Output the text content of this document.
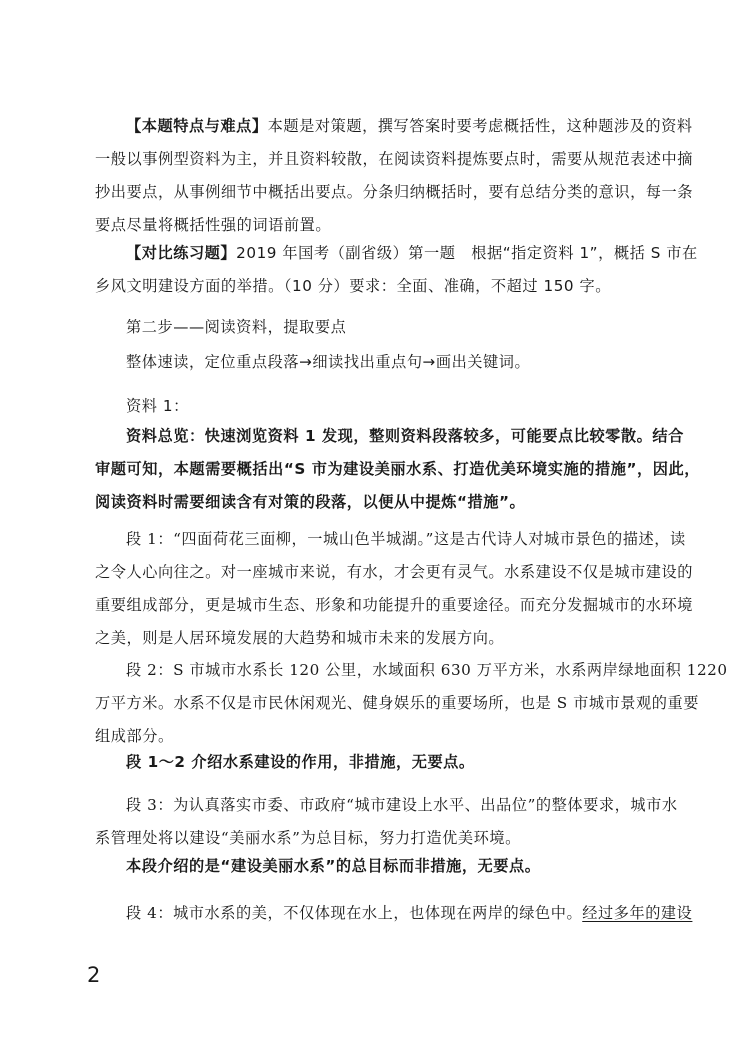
【本题特点与难点】本题是对策题，撰写答案时要考虑概括性，这种题涉及的资料
一般以事例型资料为主，并且资料较散，在阅读资料提炼要点时，需要从规范表述中摘
抄出要点，从事例细节中概括出要点。分条归纳概括时，要有总结分类的意识，每一条
要点尽量将概括性强的词语前置。
【对比练习题】2019 年国考（副省级）第一题　根据“指定资料 1”，概括 S 市在
乡风文明建设方面的举措。（10 分）要求：全面、准确，不超过 150 字。
第二步——阅读资料，提取要点
整体速读，定位重点段落→细读找出重点句→画出关键词。
资料 1：
资料总览：快速浏览资料 1 发现，整则资料段落较多，可能要点比较零散。结合
审题可知，本题需要概括出“S 市为建设美丽水系、打造优美环境实施的措施”，因此，
阅读资料时需要细读含有对策的段落，以便从中提炼“措施”。
段 1：“四面荷花三面柳，一城山色半城湖。”这是古代诗人对城市景色的描述，读
之令人心向往之。对一座城市来说，有水，才会更有灵气。水系建设不仅是城市建设的
重要组成部分，更是城市生态、形象和功能提升的重要途径。而充分发掘城市的水环境
之美，则是人居环境发展的大趋势和城市未来的发展方向。
段 2：S 市城市水系长 120 公里，水域面积 630 万平方米，水系两岸绿地面积 1220
万平方米。水系不仅是市民休闲观光、健身娱乐的重要场所，也是 S 市城市景观的重要
组成部分。
段 1～2 介绍水系建设的作用，非措施，无要点。
段 3：为认真落实市委、市政府“城市建设上水平、出品位”的整体要求，城市水
系管理处将以建设“美丽水系”为总目标，努力打造优美环境。
本段介绍的是“建设美丽水系”的总目标而非措施，无要点。
段 4：城市水系的美，不仅体现在水上，也体现在两岸的绿色中。经过多年的建设
2
